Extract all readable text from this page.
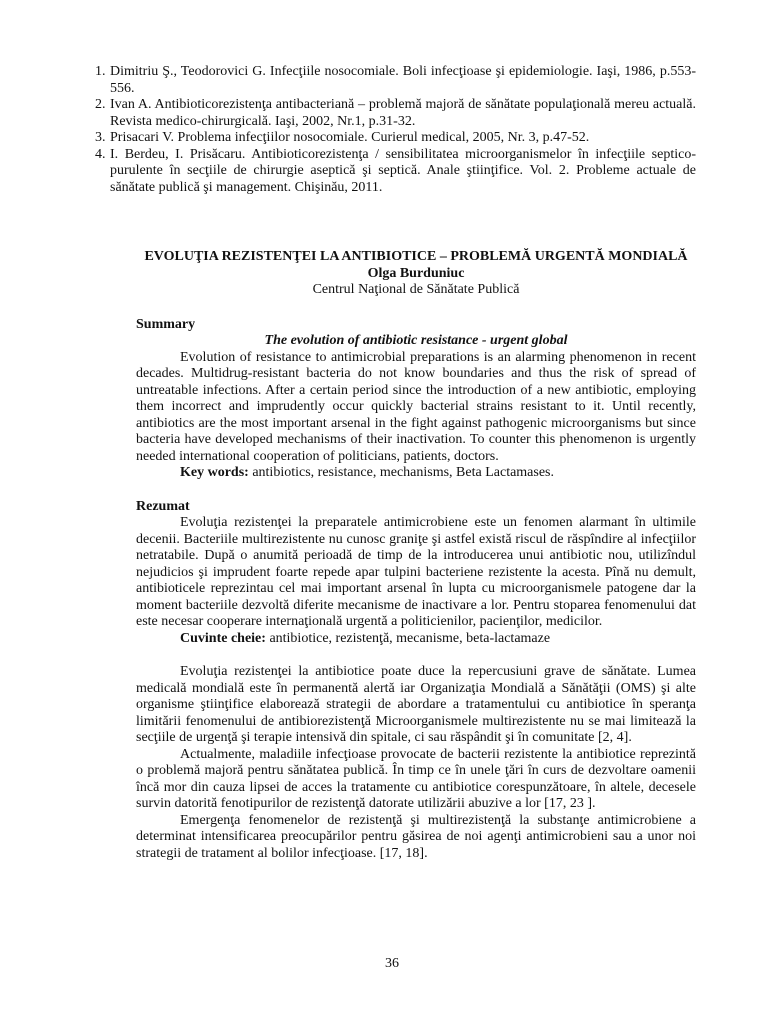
1. Dimitriu Ş., Teodorovici G. Infecţiile nosocomiale. Boli infecţioase şi epidemiologie. Iaşi, 1986, p.553-556.
2. Ivan A. Antibioticorezistenţa antibacteriană – problemă majoră de sănătate populaţională mereu actuală. Revista medico-chirurgicală. Iaşi, 2002, Nr.1, p.31-32.
3. Prisacari V. Problema infecţiilor nosocomiale. Curierul medical, 2005, Nr. 3, p.47-52.
4. I. Berdeu, I. Prisăcaru. Antibioticorezistenţa / sensibilitatea microorganismelor în infecţiile septico-purulente în secţiile de chirurgie aseptică şi septică. Anale ştiinţifice. Vol. 2. Probleme actuale de sănătate publică şi management. Chişinău, 2011.
EVOLUŢIA REZISTENŢEI LA ANTIBIOTICE – PROBLEMĂ URGENTĂ MONDIALĂ
Olga Burduniuc
Centrul Naţional de Sănătate Publică
Summary
The evolution of antibiotic resistance - urgent global

Evolution of resistance to antimicrobial preparations is an alarming phenomenon in recent decades. Multidrug-resistant bacteria do not know boundaries and thus the risk of spread of untreatable infections. After a certain period since the introduction of a new antibiotic, employing them incorrect and imprudently occur quickly bacterial strains resistant to it. Until recently, antibiotics are the most important arsenal in the fight against pathogenic microorganisms but since bacteria have developed mechanisms of their inactivation. To counter this phenomenon is urgently needed international cooperation of politicians, patients, doctors.

Key words: antibiotics, resistance, mechanisms, Beta Lactamases.

Rezumat

Evoluţia rezistenţei la preparatele antimicrobiene este un fenomen alarmant în ultimile decenii. Bacteriile multirezistente nu cunosc graniţe şi astfel există riscul de răspîndire al infecţiilor netratabile. După o anumită perioadă de timp de la introducerea unui antibiotic nou, utilizîndul nejudicios şi imprudent foarte repede apar tulpini bacteriene rezistente la acesta. Pînă nu demult, antibioticele reprezintau cel mai important arsenal în lupta cu microorganismele patogene dar la moment bacteriile dezvoltă diferite mecanisme de inactivare a lor. Pentru stoparea fenomenului dat este necesar cooperare internaţională urgentă a politicienilor, pacienţilor, medicilor.

Cuvinte cheie: antibiotice, rezistenţă, mecanisme, beta-lactamaze

Evoluţia rezistenţei la antibiotice poate duce la repercusiuni grave de sănătate. Lumea medicală mondială este în permanentă alertă iar Organizaţia Mondială a Sănătăţii (OMS) şi alte organisme ştiinţifice elaborează strategii de abordare a tratamentului cu antibiotice în speranţa limitării fenomenului de antibiorezistenţă Microorganismele multirezistente nu se mai limitează la secţiile de urgenţă şi terapie intensivă din spitale, ci sau răspândit şi în comunitate [2, 4].

Actualmente, maladiile infecţioase provocate de bacterii rezistente la antibiotice reprezintă o problemă majoră pentru sănătatea publică. În timp ce în unele ţări în curs de dezvoltare oamenii încă mor din cauza lipsei de acces la tratamente cu antibiotice corespunzătoare, în altele, decesele survin datorită fenotipurilor de rezistenţă datorate utilizării abuzive a lor [17, 23 ].

Emergenţa fenomenelor de rezistenţă şi multirezistenţă la substanţe antimicrobiene a determinat intensificarea preocupărilor pentru găsirea de noi agenţi antimicrobieni sau a unor noi strategii de tratament al bolilor infecţioase. [17, 18].

36
